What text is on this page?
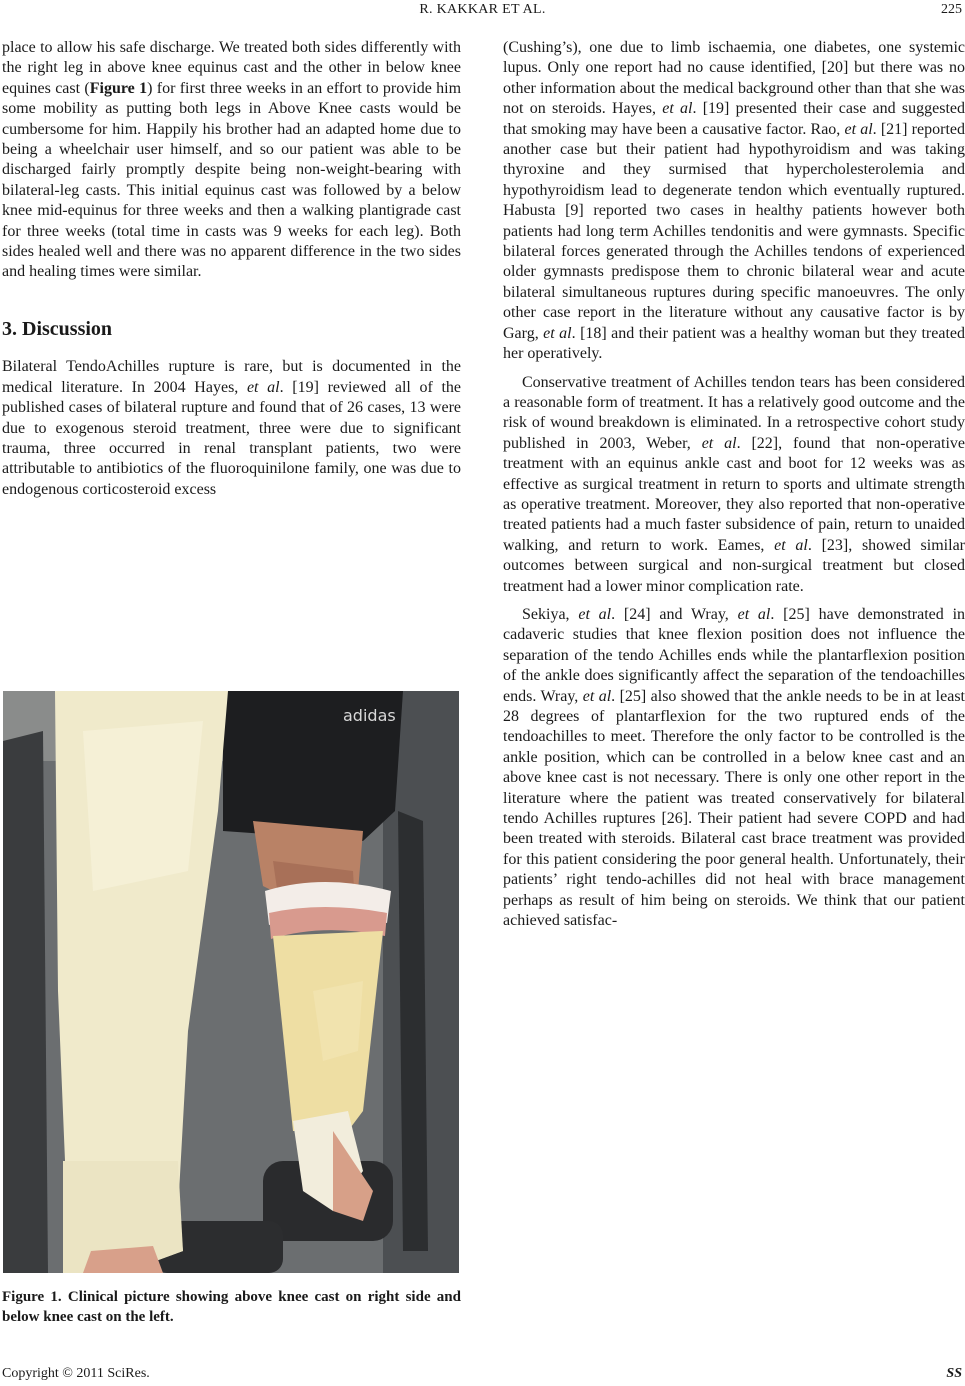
R. KAKKAR ET AL.	225

place to allow his safe discharge. We treated both sides differently with the right leg in above knee equinus cast and the other in below knee equines cast (Figure 1) for first three weeks in an effort to provide him some mobility as putting both legs in Above Knee casts would be cumbersome for him. Happily his brother had an adapted home due to being a wheelchair user himself, and so our patient was able to be discharged fairly promptly despite being non-weight-bearing with bilateral-leg casts. This initial equinus cast was followed by a below knee mid-equinus for three weeks and then a walking plantigrade cast for three weeks (total time in casts was 9 weeks for each leg). Both sides healed well and there was no apparent difference in the two sides and healing times were similar.

3. Discussion

Bilateral TendoAchilles rupture is rare, but is documented in the medical literature. In 2004 Hayes, et al. [19] reviewed all of the published cases of bilateral rupture and found that of 26 cases, 13 were due to exogenous steroid treatment, three were due to significant trauma, three occurred in renal transplant patients, two were attributable to antibiotics of the fluoroquinilone family, one was due to endogenous corticosteroid excess

adidas
Figure 1. Clinical picture showing above knee cast on right side and below knee cast on the left.

(Cushing’s), one due to limb ischaemia, one diabetes, one systemic lupus. Only one report had no cause identified, [20] but there was no other information about the medical background other than that she was not on steroids. Hayes, et al. [19] presented their case and suggested that smoking may have been a causative factor. Rao, et al. [21] reported another case but their patient had hypothyroidism and was taking thyroxine and they surmised that hypercholesterolemia and hypothyroidism lead to degenerate tendon which eventually ruptured. Habusta [9] reported two cases in healthy patients however both patients had long term Achilles tendonitis and were gymnasts. Specific bilateral forces generated through the Achilles tendons of experienced older gymnasts predispose them to chronic bilateral wear and acute bilateral simultaneous ruptures during specific manoeuvres. The only other case report in the literature without any causative factor is by Garg, et al. [18] and their patient was a healthy woman but they treated her operatively.

Conservative treatment of Achilles tendon tears has been considered a reasonable form of treatment. It has a relatively good outcome and the risk of wound breakdown is eliminated. In a retrospective cohort study published in 2003, Weber, et al. [22], found that non-operative treatment with an equinus ankle cast and boot for 12 weeks was as effective as surgical treatment in return to sports and ultimate strength as operative treatment. Moreover, they also reported that non-operative treated patients had a much faster subsidence of pain, return to unaided walking, and return to work. Eames, et al. [23], showed similar outcomes between surgical and non-surgical treatment but closed treatment had a lower minor complication rate.

Sekiya, et al. [24] and Wray, et al. [25] have demonstrated in cadaveric studies that knee flexion position does not influence the separation of the tendo Achilles ends while the plantarflexion position of the ankle does significantly affect the separation of the tendoachilles ends. Wray, et al. [25] also showed that the ankle needs to be in at least 28 degrees of plantarflexion for the two ruptured ends of the tendoachilles to meet. Therefore the only factor to be controlled is the ankle position, which can be controlled in a below knee cast and an above knee cast is not necessary. There is only one other report in the literature where the patient was treated conservatively for bilateral tendo Achilles ruptures [26]. Their patient had severe COPD and had been treated with steroids. Bilateral cast brace treatment was provided for this patient considering the poor general health. Unfortunately, their patients’ right tendo-achilles did not heal with brace management perhaps as result of him being on steroids. We think that our patient achieved satisfac-

Copyright © 2011 SciRes.	SS
